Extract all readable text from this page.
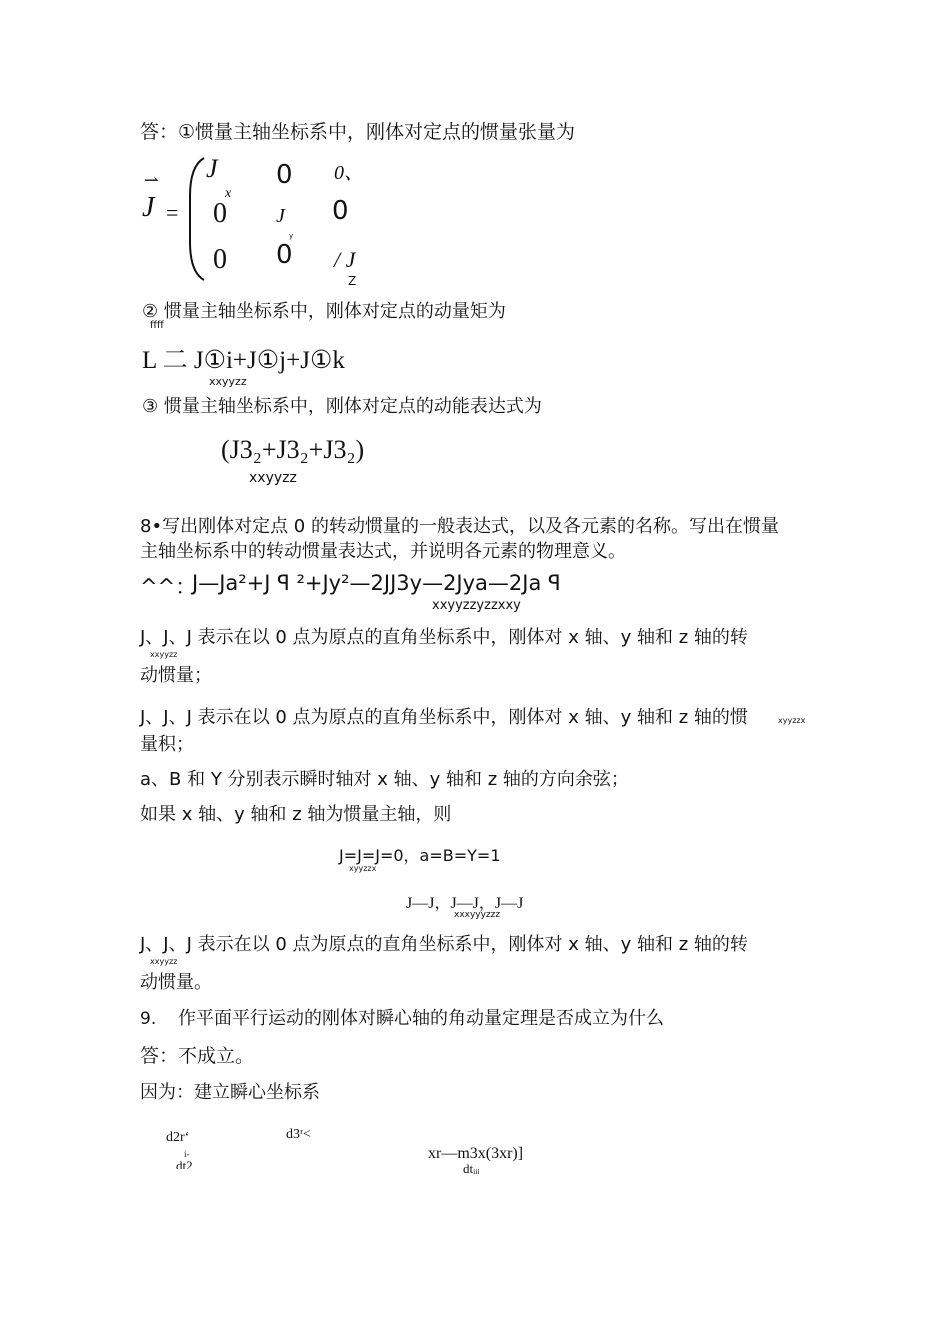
答：①惯量主轴坐标系中，刚体对定点的惯量张量为
⇀
J =
J
x
0 0、
0 J
y
0
0 0 / J
Z
② 惯量主轴坐标系中，刚体对定点的动量矩为
ffff
L 二 J①i+J①j+J①k
xxyyzz
③ 惯量主轴坐标系中，刚体对定点的动能表达式为
(J3₂+J3₂+J3₂)
xxyyzz
8•写出刚体对定点 0 的转动惯量的一般表达式，以及各元素的名称。写出在惯量
主轴坐标系中的转动惯量表达式，并说明各元素的物理意义。
^^：
J—Ja²+J ꟼ ²+Jy²—2JJ3y—2Jya—2Ja ꟼ
xxyyzzyzzxxy
J、J、J 表示在以 0 点为原点的直角坐标系中，刚体对 x 轴、y 轴和 z 轴的转
xxyyzz
动惯量；
J、J、J 表示在以 0 点为原点的直角坐标系中，刚体对 x 轴、y 轴和 z 轴的惯	xyyzzx
量积；
a、B 和 Y 分别表示瞬时轴对 x 轴、y 轴和 z 轴的方向余弦；
如果 x 轴、y 轴和 z 轴为惯量主轴，则
J=J=J=0，a=B=Y=1
xyyzzx
J—J，J—J，J—J
xxxyyyzzz
J、J、J 表示在以 0 点为原点的直角坐标系中，刚体对 x 轴、y 轴和 z 轴的转
xxyyzz
动惯量。
9. 作平面平行运动的刚体对瞬心轴的角动量定理是否成立为什么
答：不成立。
因为：建立瞬心坐标系
d2r‘
i-
dt2
d3ʳ<
xr—m3x(3xr)]
dtᵢᵢᵢ
